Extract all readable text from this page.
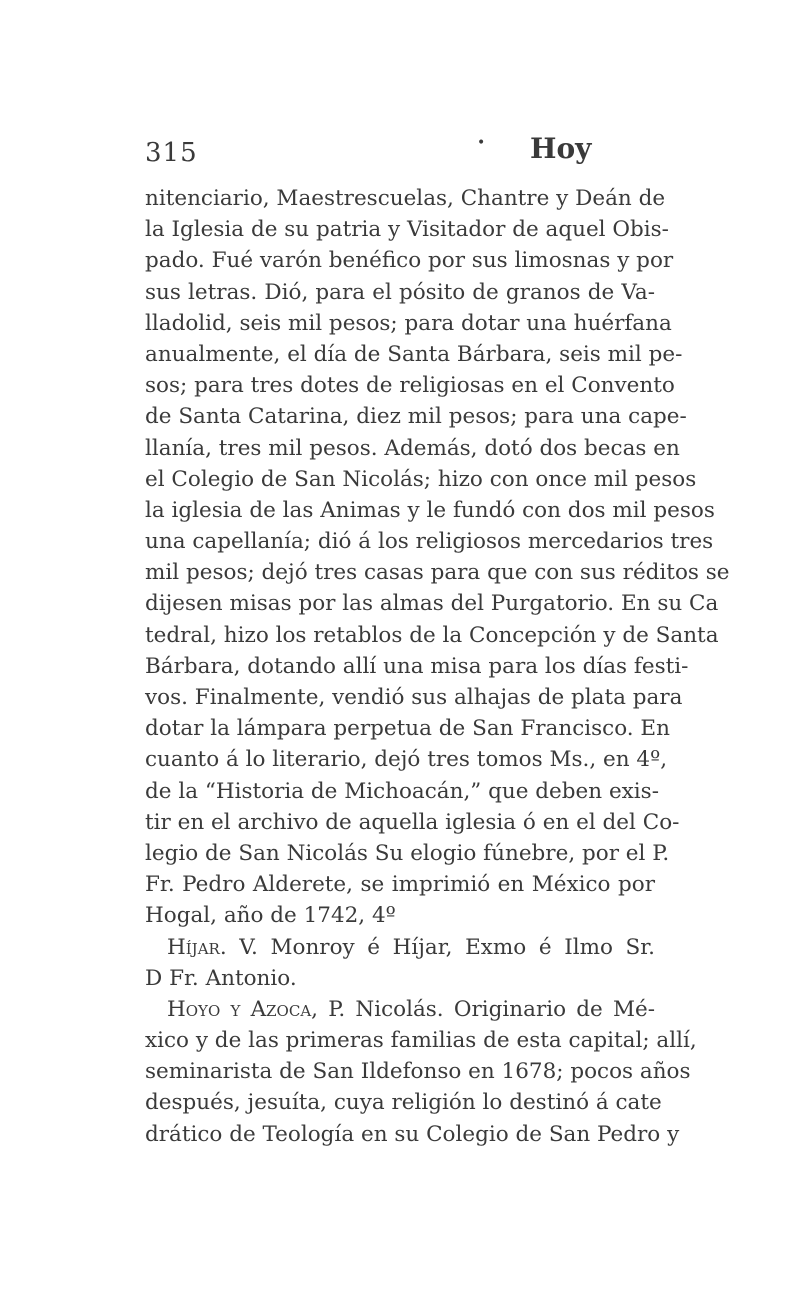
315	• Hoy
nitenciario, Maestrescuelas, Chantre y Deán de
la Iglesia de su patria y Visitador de aquel Obis-
pado. Fué varón benéfico por sus limosnas y por
sus letras. Dió, para el pósito de granos de Va-
lladolid, seis mil pesos; para dotar una huérfana
anualmente, el día de Santa Bárbara, seis mil pe-
sos; para tres dotes de religiosas en el Convento
de Santa Catarina, diez mil pesos; para una cape-
llanía, tres mil pesos. Además, dotó dos becas en
el Colegio de San Nicolás; hizo con once mil pesos
la iglesia de las Animas y le fundó con dos mil pesos
una capellanía; dió á los religiosos mercedarios tres
mil pesos; dejó tres casas para que con sus réditos se
dijesen misas por las almas del Purgatorio. En su Ca
tedral, hizo los retablos de la Concepción y de Santa
Bárbara, dotando allí una misa para los días festi-
vos. Finalmente, vendió sus alhajas de plata para
dotar la lámpara perpetua de San Francisco. En
cuanto á lo literario, dejó tres tomos Ms., en 4º,
de la “Historia de Michoacán,” que deben exis-
tir en el archivo de aquella iglesia ó en el del Co-
legio de San Nicolás Su elogio fúnebre, por el P.
Fr. Pedro Alderete, se imprimió en México por
Hogal, año de 1742, 4º
Híjar. V. Monroy é Híjar, Exmo é Ilmo Sr.
D Fr. Antonio.
Hoyo y Azoca, P. Nicolás. Originario de Mé-
xico y de las primeras familias de esta capital; allí,
seminarista de San Ildefonso en 1678; pocos años
después, jesuíta, cuya religión lo destinó á cate
drático de Teología en su Colegio de San Pedro y
